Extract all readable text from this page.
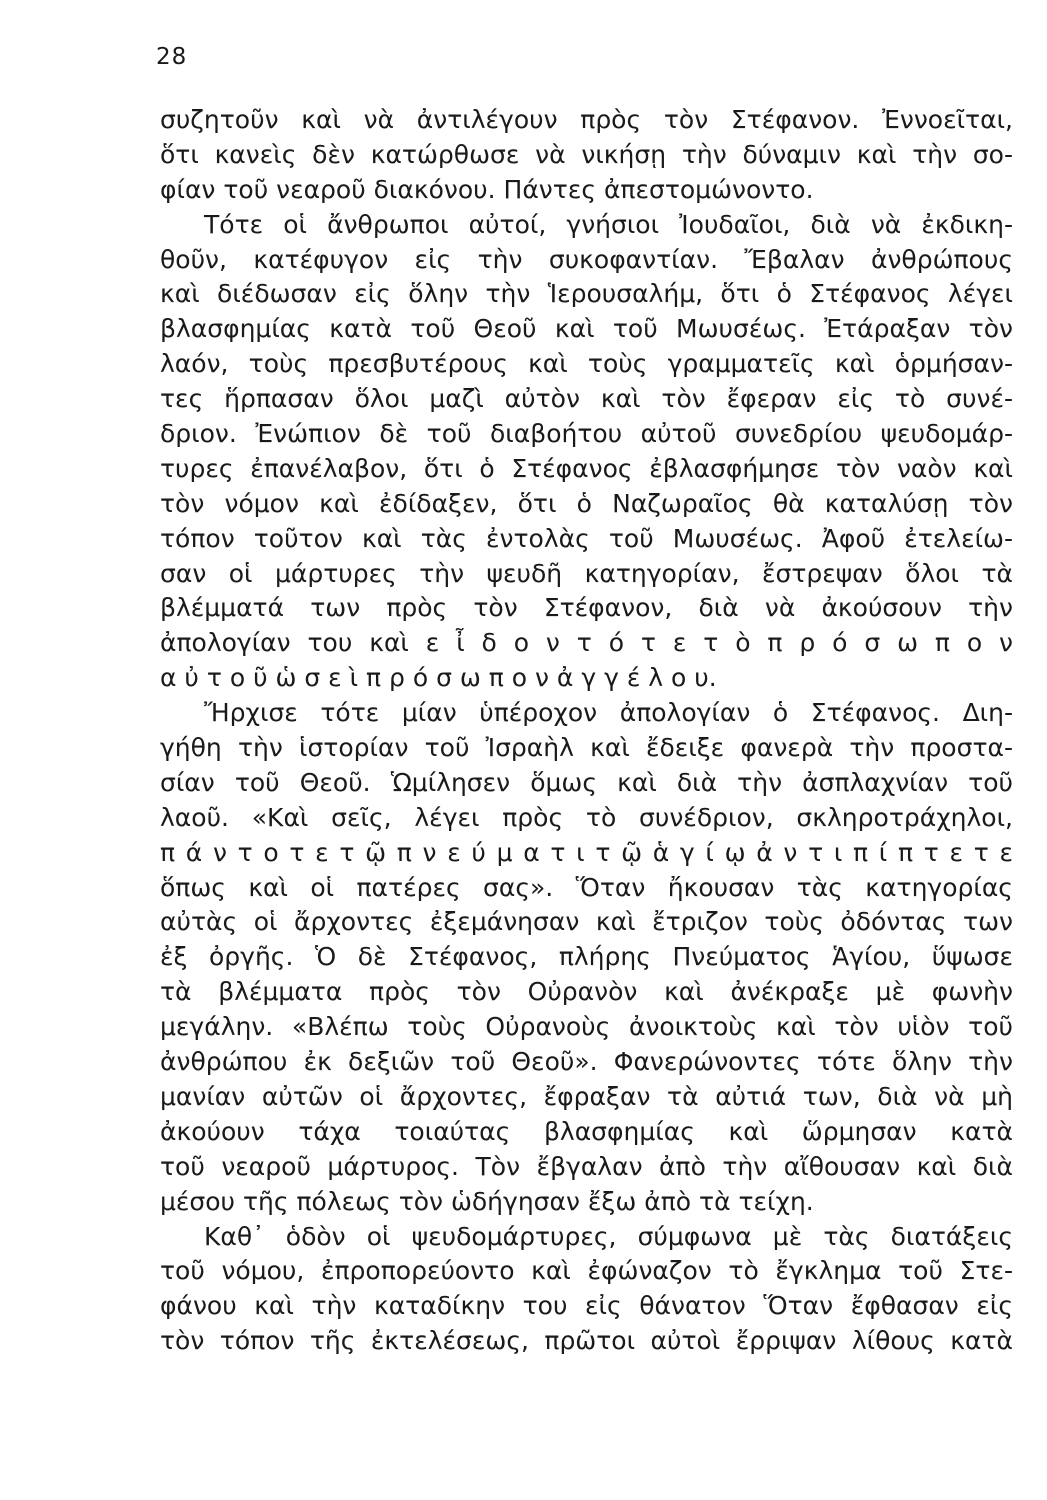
28
συζητοῦν καὶ νὰ ἀντιλέγουν πρὸς τὸν Στέφανον. Ἐννοεῖται,
ὅτι κανεὶς δὲν κατώρθωσε νὰ νικήσῃ τὴν δύναμιν καὶ τὴν σο-
φίαν τοῦ νεαροῦ διακόνου. Πάντες ἀπεστομώνοντο.
Τότε οἱ ἄνθρωποι αὐτοί, γνήσιοι Ἰουδαῖοι, διὰ νὰ ἐκδικη-
θοῦν, κατέφυγον εἰς τὴν συκοφαντίαν. Ἔβαλαν ἀνθρώπους
καὶ διέδωσαν εἰς ὅλην τὴν Ἱερουσαλήμ, ὅτι ὁ Στέφανος λέγει
βλασφημίας κατὰ τοῦ Θεοῦ καὶ τοῦ Μωυσέως. Ἐτάραξαν τὸν
λαόν, τοὺς πρεσβυτέρους καὶ τοὺς γραμματεῖς καὶ ὁρμήσαν-
τες ἥρπασαν ὅλοι μαζὶ αὐτὸν καὶ τὸν ἔφεραν εἰς τὸ συνέ-
δριον. Ἐνώπιον δὲ τοῦ διαβοήτου αὐτοῦ συνεδρίου ψευδομάρ-
τυρες ἐπανέλαβον, ὅτι ὁ Στέφανος ἐβλασφήμησε τὸν ναὸν καὶ
τὸν νόμον καὶ ἐδίδαξεν, ὅτι ὁ Ναζωραῖος θὰ καταλύσῃ τὸν
τόπον τοῦτον καὶ τὰς ἐντολὰς τοῦ Μωυσέως. Ἀφοῦ ἐτελείω-
σαν οἱ μάρτυρες τὴν ψευδῆ κατηγορίαν, ἔστρεψαν ὅλοι τὰ
βλέμματά των πρὸς τὸν Στέφανον, διὰ νὰ ἀκούσουν τὴν
ἀπολογίαν του καὶ ε ἶ δ ο ν τ ό τ ε τ ὸ π ρ ό σ ω π ο ν
α ὐ τ ο ῦ ὡ σ ε ὶ π ρ ό σ ω π ο ν ἀ γ γ έ λ ο υ.
Ἤρχισε τότε μίαν ὑπέροχον ἀπολογίαν ὁ Στέφανος. Διη-
γήθη τὴν ἱστορίαν τοῦ Ἰσραὴλ καὶ ἔδειξε φανερὰ τὴν προστα-
σίαν τοῦ Θεοῦ. Ὡμίλησεν ὅμως καὶ διὰ τὴν ἀσπλαχνίαν τοῦ
λαοῦ. «Καὶ σεῖς, λέγει πρὸς τὸ συνέδριον, σκληροτράχηλοι,
π ά ν τ ο τ ε τ ῷ π ν ε ύ μ α τ ι τ ῷ ἁ γ ί ῳ ἀ ν τ ι π ί π τ ε τ ε
ὅπως καὶ οἱ πατέρες σας». Ὅταν ἤκουσαν τὰς κατηγορίας
αὐτὰς οἱ ἄρχοντες ἐξεμάνησαν καὶ ἔτριζον τοὺς ὀδόντας των
ἐξ ὀργῆς. Ὁ δὲ Στέφανος, πλήρης Πνεύματος Ἁγίου, ὕψωσε
τὰ βλέμματα πρὸς τὸν Οὐρανὸν καὶ ἀνέκραξε μὲ φωνὴν
μεγάλην. «Βλέπω τοὺς Οὐρανοὺς ἀνοικτοὺς καὶ τὸν υἱὸν τοῦ
ἀνθρώπου ἐκ δεξιῶν τοῦ Θεοῦ». Φανερώνοντες τότε ὅλην τὴν
μανίαν αὐτῶν οἱ ἄρχοντες, ἔφραξαν τὰ αὐτιά των, διὰ νὰ μὴ
ἀκούουν τάχα τοιαύτας βλασφημίας καὶ ὥρμησαν κατὰ
τοῦ νεαροῦ μάρτυρος. Τὸν ἔβγαλαν ἀπὸ τὴν αἴθουσαν καὶ διὰ
μέσου τῆς πόλεως τὸν ὡδήγησαν ἔξω ἀπὸ τὰ τείχη.
Καθ᾿ ὁδὸν οἱ ψευδομάρτυρες, σύμφωνα μὲ τὰς διατάξεις
τοῦ νόμου, ἐπροπορεύοντο καὶ ἐφώναζον τὸ ἔγκλημα τοῦ Στε-
φάνου καὶ τὴν καταδίκην του εἰς θάνατον Ὅταν ἔφθασαν εἰς
τὸν τόπον τῆς ἐκτελέσεως, πρῶτοι αὐτοὶ ἔρριψαν λίθους κατὰ
